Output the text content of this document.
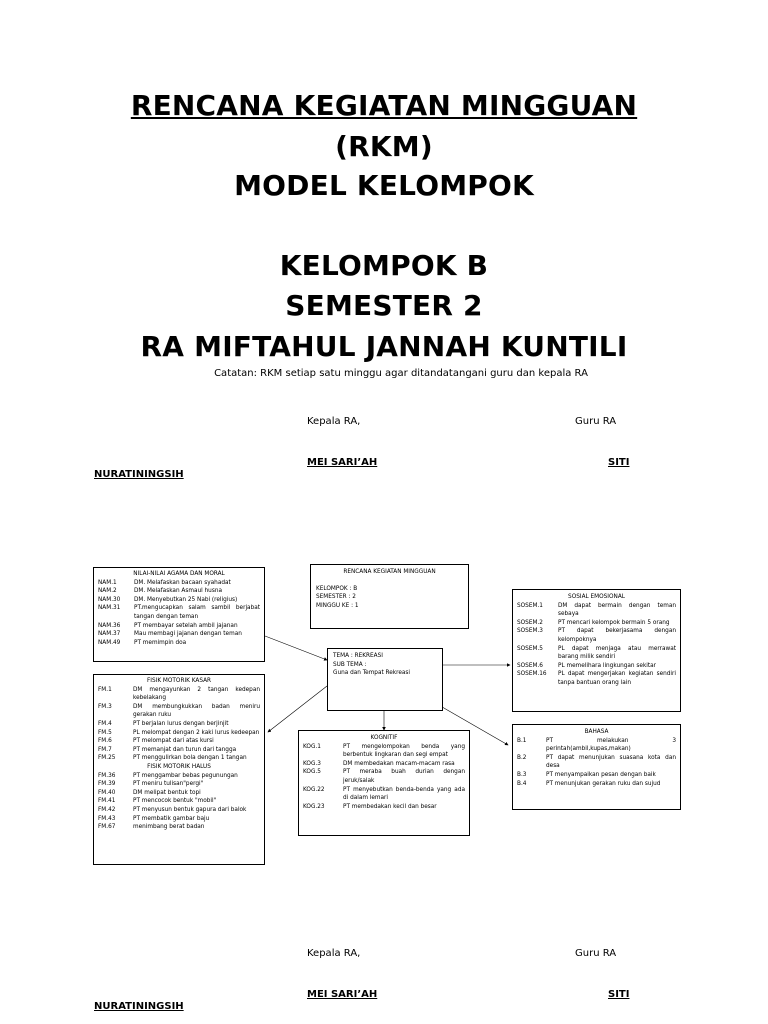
RENCANA KEGIATAN MINGGUAN
(RKM)
MODEL KELOMPOK
KELOMPOK B
SEMESTER 2
RA MIFTAHUL JANNAH KUNTILI
Catatan: RKM setiap satu minggu agar ditandatangani guru dan kepala RA
Kepala RA,	Guru RA
MEI SARI’AH	SITI
NURATININGSIH
NILAI-NILAI AGAMA DAN MORAL
NAM.1	DM. Melafaskan bacaan syahadat
NAM.2	DM. Melafaskan Asmaul husna
NAM.30	DM. Menyebutkan 25 Nabi (religius)
NAM.31	PT.mengucapkan salam sambil berjabat tangan dengan teman
NAM.36	PT membayar setelah ambil jajanan
NAM.37	Mau membagi jajanan dengan teman
NAM.49	PT memimpin doa
FISIK MOTORIK KASAR
FM.1	DM mengayunkan 2 tangan kedepan kebelakang
FM.3	DM membungkukkan badan meniru gerakan ruku
FM.4	PT berjalan lurus dengan berjinjit
FM.5	PL melompat dengan 2 kaki lurus kedeepan
FM.6	PT melompat dari atas kursi
FM.7	PT memanjat dan turun dari tangga
FM.25	PT menggulirkan bola dengan 1 tangan
FISIK MOTORIK HALUS
FM.36	PT menggambar bebas pegunungan
FM.39	PT meniru tulisan"pergi"
FM.40	DM melipat bentuk topi
FM.41	PT mencocok bentuk "mobil"
FM.42	PT menyusun bentuk gapura dari balok
FM.43	PT membatik gambar baju
FM.67	menimbang berat badan
RENCANA KEGIATAN MINGGUAN
KELOMPOK : B
SEMESTER : 2
MINGGU KE : 1
TEMA : REKREASI
SUB TEMA :
Guna dan Tempat Rekreasi
KOGNITIF
KOG.1	PT mengelompokan benda yang berbentuk lingkaran dan segi empat
KOG.3	DM membedakan macam-macam rasa
KOG.5	PT meraba buah durian dengan jeruk/salak
KOG.22	PT menyebutkan benda-benda yang ada di dalam lemari
KOG.23	PT membedakan kecil dan besar
SOSIAL EMOSIONAL
SOSEM.1	DM dapat bermain dengan teman sebaya
SOSEM.2	PT mencari kelompok bermain 5 orang
SOSEM.3	PT dapat bekerjasama dengan kelompoknya
SOSEM.5	PL dapat menjaga atau merrawat barang milik sendiri
SOSEM.6	PL memelihara lingkungan sekitar
SOSEM.16	PL dapat mengerjakan kegiatan sendiri tanpa bantuan orang lain
BAHASA
B.1	PT melakukan 3 perintah(ambil,kupas,makan)
B.2	PT dapat menunjukan suasana kota dan desa
B.3	PT menyampaikan pesan dengan baik
B.4	PT menunjukan gerakan ruku dan sujud
Kepala RA,	Guru RA
MEI SARI’AH	SITI
NURATININGSIH
